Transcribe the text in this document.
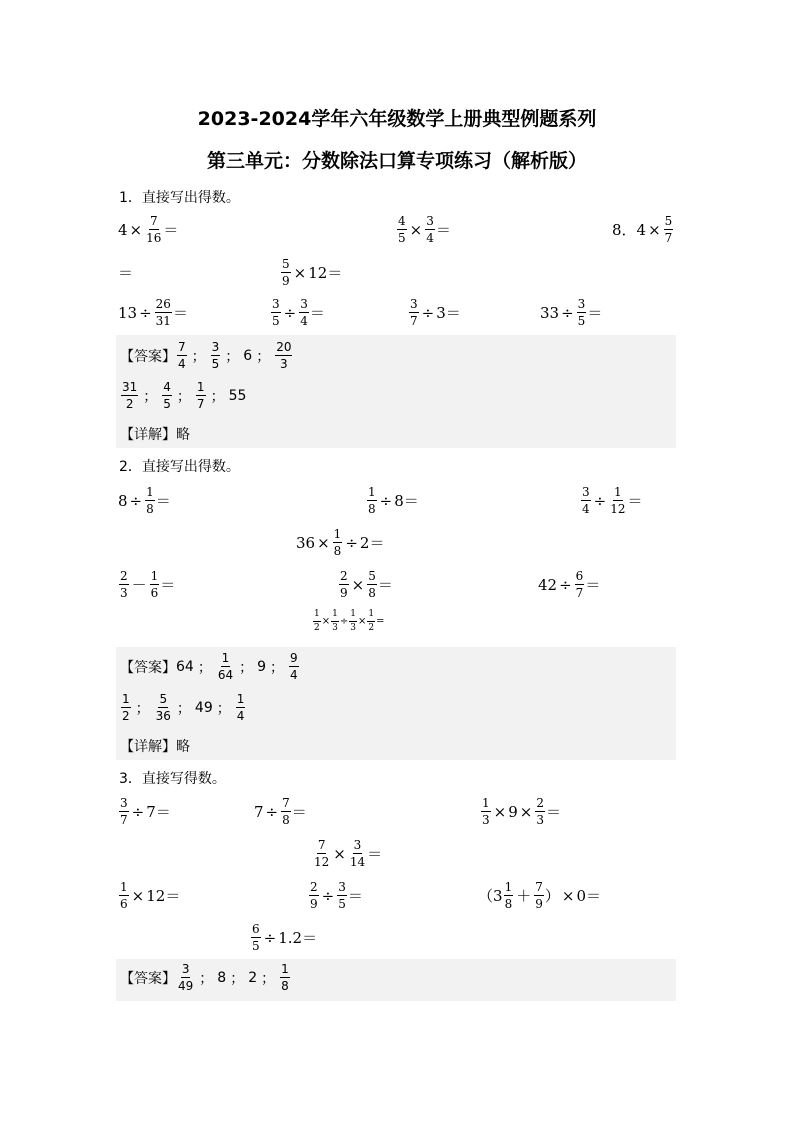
2023-2024学年六年级数学上册典型例题系列
第三单元：分数除法口算专项练习（解析版）
1．直接写出得数。
$4 \times \frac{7}{16}$ ＝	$\frac{4}{5} \times \frac{3}{4}$ ＝	8．$4 \times \frac{5}{7}$
＝	$\frac{5}{9} \times 12$ ＝
$13 \div \frac{26}{31}$ ＝	$\frac{3}{5} \div \frac{3}{4}$ ＝	$\frac{3}{7} \div 3$ ＝	$33 \div \frac{3}{5}$ ＝
【答案】 $\frac{7}{4}$ ； $\frac{3}{5}$ ； 6 ； $\frac{20}{3}$
$\frac{31}{2}$ ； $\frac{4}{5}$ ； $\frac{1}{7}$ ； 55
【详解】 略
2．直接写出得数。
$8 \div \frac{1}{8}$ ＝	$\frac{1}{8} \div 8$ ＝	$\frac{3}{4} \div \frac{1}{12}$ ＝
$36 \times \frac{1}{8} \div 2$ ＝
$\frac{2}{3} - \frac{1}{6}$ ＝	$\frac{2}{9} \times \frac{5}{8}$ ＝	$42 \div \frac{6}{7}$ ＝
$\frac{1}{2} \times \frac{1}{3} \div \frac{1}{3} \times \frac{1}{2}$ =
【答案】 64 ； $\frac{1}{64}$ ； 9 ； $\frac{9}{4}$
$\frac{1}{2}$ ； $\frac{5}{36}$ ； 49 ； $\frac{1}{4}$
【详解】 略
3．直接写得数。
$\frac{3}{7} \div 7$ ＝	$7 \div \frac{7}{8}$ ＝	$\frac{1}{3} \times 9 \times \frac{2}{3}$ ＝
$\frac{7}{12} \times \frac{3}{14}$ ＝
$\frac{1}{6} \times 12$ ＝	$\frac{2}{9} \div \frac{3}{5}$ ＝	（ $3 \frac{1}{8} + \frac{7}{9}$ ） × 0 ＝
$\frac{6}{5} \div 1.2$ ＝
【答案】 $\frac{3}{49}$ ； 8 ； 2 ； $\frac{1}{8}$
